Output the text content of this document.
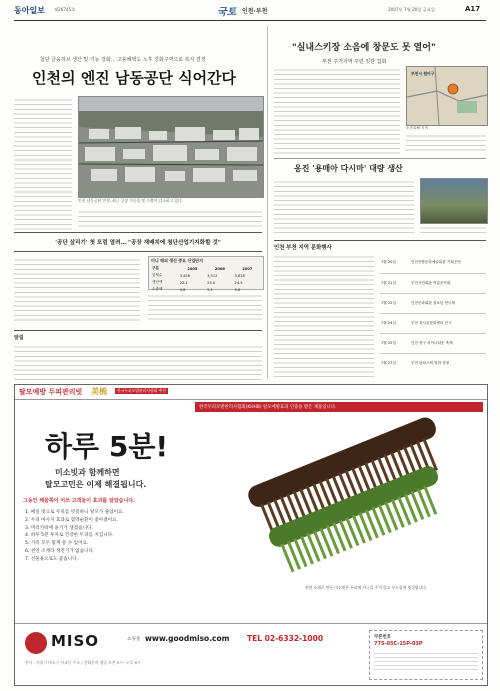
동아일보 제26745호	국토 인천·부천	2007년 7월 20일 금요일	A17
첨단 금융허브 생산 및 기능 강화... 고용혜택도 노후 강화구역으로 복지 결정
인천의 엔진 남동공단 식어간다
인천 남동공단 전경. 최근 공장 가동률 및 수출이 감소하고 있다.
'공단 살리기' 첫 포럼 열려… "공장 재배치에 첨단산업기지화할 것"
미니 해외 생산 중요 산업단지
구분	2005	2006	2007
업체수	3,456	3,512	3,618
생산액	22.1	23.0	24.5
수출액	4.8	5.1	5.6
알림
"실내스키장 소음에 창문도 못 열어"
부천 주거지역 주민 잇단 집회
부천시 원미구
소음피해 지역
옹진 '용매아 다시마' 대량 생산
인천 부천 지역 문화행사
7월 20일	인천종합문화예술회관 기획공연
7월 21일	부천시민회관 여름음악회
7월 22일	인천문화회관 청소년 연극제
7월 24일	부천 복사골문화센터 전시
7월 25일	인천 중구 차이나타운 축제
7월 27일	부천 판타스틱 영화 상영
탈모예방 두피관리빗 美梳	한국두피모발관리사협회 추천
한국두피모발관리사협회(KHHB) 탈모예방효과 인증을 받은 제품입니다.
하루 5분!
미소빗과 함께하면
탈모고민은 이제 해결됩니다.
그동안 해물쪽이 어쓰 고객들이 효과를 알았습니다.
1. 매일 빗으로 두피를 빗질하니 탈모가 줄었어요.
2. 두피 마사지 효과로 혈액순환이 좋아졌어요.
3. 머리카락에 윤기가 생겼습니다.
4. 하루 5분 투자로 건강한 두피를 지킵니다.
5. 가족 모두 함께 쓸 수 있어요.
6. 천연 소재라 정전기가 없습니다.
7. 선물용으로도 좋습니다.
천연 소재로 만든 미소빗은 두피에 자극을 주지 않고 부드럽게 빗질됩니다.
MISO	쇼핑몰 www.goodmiso.com TEL 02-6332-1000
본사 : 서울시 마포구 서교동 주소 / 전화문의 평일 오전 9시~오후 6시
쿠폰번호
775-05C-15P-03P
